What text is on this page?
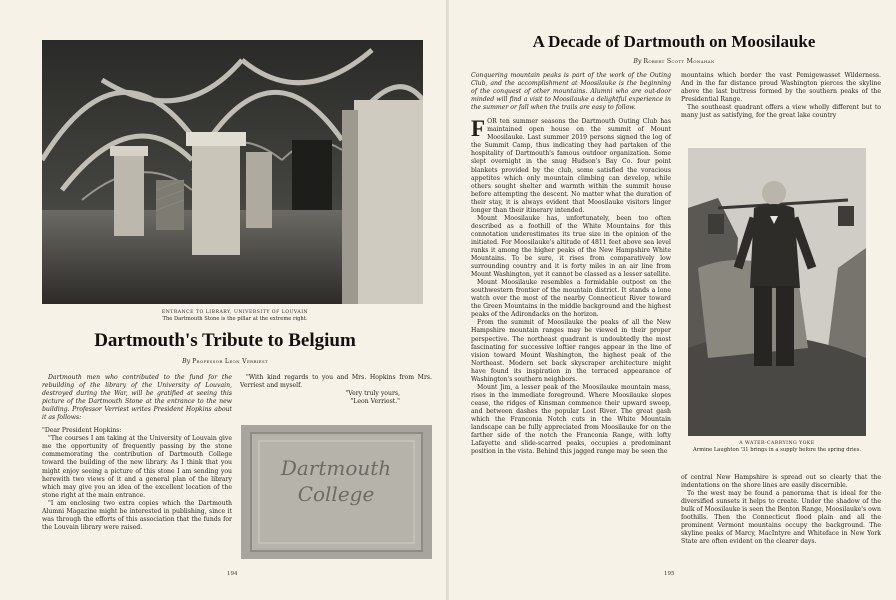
ENTRANCE TO LIBRARY, UNIVERSITY OF LOUVAIN
The Dartmouth Stone is the pillar at the extreme right.
Dartmouth's Tribute to Belgium
By Professor Leon Verriest

Dartmouth men who contributed to the fund for the rebuilding of the library of the University of Louvain, destroyed during the War, will be gratified at seeing this picture of the Dartmouth Stone at the entrance to the new building. Professor Verriest writes President Hopkins about it as follows:

"Dear President Hopkins:

"The courses I am taking at the University of Louvain give me the opportunity of frequently passing by the stone commemorating the contribution of Dartmouth College toward the building of the new library. As I think that you might enjoy seeing a picture of this stone I am sending you herewith two views of it and a general plan of the library which may give you an idea of the excellent location of the stone right at the main entrance.

"I am enclosing two extra copies which the Dartmouth Alumni Magazine might be interested in publishing, since it was through the efforts of this association that the funds for the Louvain library were raised.

"With kind regards to you and Mrs. Hopkins from Mrs. Verriest and myself.

"Very truly yours,

"Leon Verriest."

Dartmouth College
194
A Decade of Dartmouth on Moosilauke
By Robert Scott Monahan

Conquering mountain peaks is part of the work of the Outing Club, and the accomplishment at Moosilauke is the beginning of the conquest of other mountains. Alumni who are out-door minded will find a visit to Moosilauke a delightful experience in the summer or fall when the trails are easy to follow.

FOR ten summer seasons the Dartmouth Outing Club has maintained open house on the summit of Mount Moosilauke. Last summer 2019 persons signed the log of the Summit Camp, thus indicating they had partaken of the hospitality of Dartmouth's famous outdoor organization. Some slept overnight in the snug Hudson's Bay Co. four point blankets provided by the club, some satisfied the voracious appetites which only mountain climbing can develop, while others sought shelter and warmth within the summit house before attempting the descent. No matter what the duration of their stay, it is always evident that Moosilauke visitors linger longer than their itinerary intended.

Mount Moosilauke has, unfortunately, been too often described as a foothill of the White Mountains for this connotation underestimates its true size in the opinion of the initiated. For Moosilauke's altitude of 4811 feet above sea level ranks it among the higher peaks of the New Hampshire White Mountains. To be sure, it rises from comparatively low surrounding country and it is forty miles in an air line from Mount Washington, yet it cannot be classed as a lesser satellite.

Mount Moosilauke resembles a formidable outpost on the southwestern frontier of the mountain district. It stands a lone watch over the most of the nearby Connecticut River toward the Green Mountains in the middle background and the highest peaks of the Adirondacks on the horizon.

From the summit of Moosilauke the peaks of all the New Hampshire mountain ranges may be viewed in their proper perspective. The northeast quadrant is undoubtedly the most fascinating for successive loftier ranges appear in the line of vision toward Mount Washington, the highest peak of the Northeast. Modern set back skyscraper architecture might have found its inspiration in the terraced appearance of Washington's southern neighbors.

Mount Jim, a lesser peak of the Moosilauke mountain mass, rises in the immediate foreground. Where Moosilauke slopes cease, the ridges of Kinsman commence their upward sweep, and between dashes the popular Lost River. The great gash which the Franconia Notch cuts in the White Mountain landscape can be fully appreciated from Moosilauke for on the farther side of the notch the Franconia Range, with lofty Lafayette and slide-scarred peaks, occupies a predominant position in the vista. Behind this jagged range may be seen the

mountains which border the vast Pemigewasset Wilderness. And in the far distance proud Washington pierces the skyline above the last buttress formed by the southern peaks of the Presidential Range.

The southeast quadrant offers a view wholly different but to many just as satisfying, for the great lake country

A WATER-CARRYING YOKE
Armine Laughton '31 brings in a supply before the spring dries.

of central New Hampshire is spread out so clearly that the indentations on the shore lines are easily discernible.

To the west may be found a panorama that is ideal for the diversified sunsets it helps to create. Under the shadow of the bulk of Moosilauke is seen the Benton Range, Moosilauke's own foothills. Then the Connecticut flood plain and all the prominent Vermont mountains occupy the background. The skyline peaks of Marcy, MacIntyre and Whiteface in New York State are often evident on the clearer days.

195
